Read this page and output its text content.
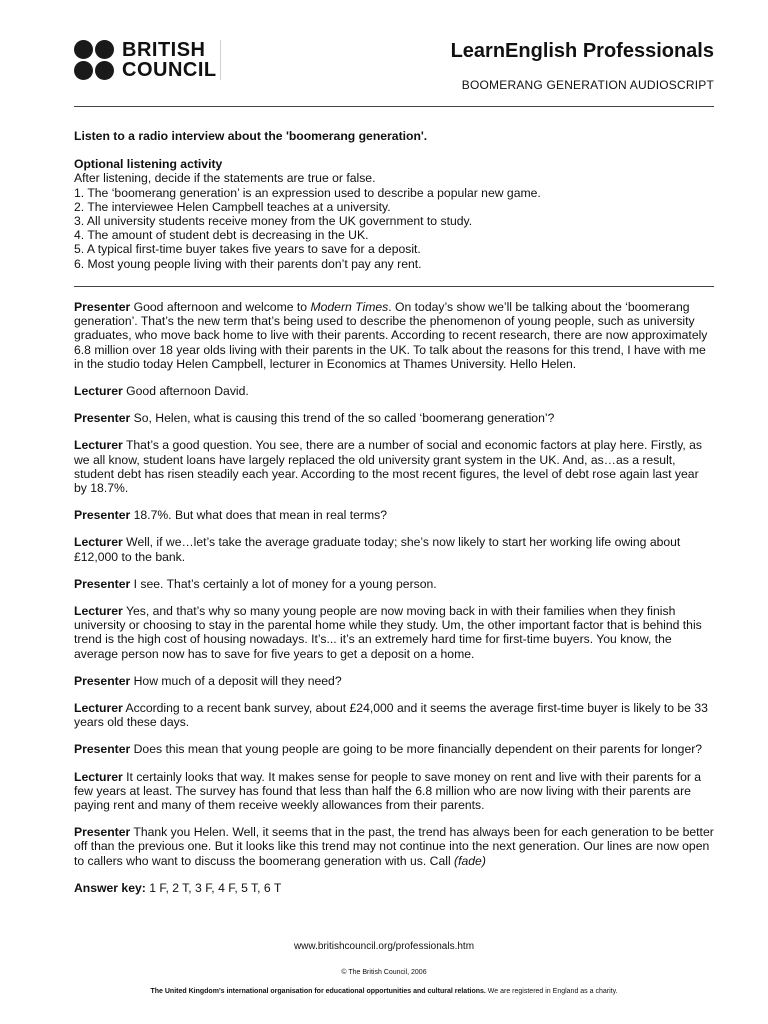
BRITISH
COUNCIL
LearnEnglish Professionals
BOOMERANG GENERATION AUDIOSCRIPT

Listen to a radio interview about the 'boomerang generation'.

Optional listening activity

After listening, decide if the statements are true or false.

1. The ‘boomerang generation’ is an expression used to describe a popular new game.

2. The interviewee Helen Campbell teaches at a university.

3. All university students receive money from the UK government to study.

4. The amount of student debt is decreasing in the UK.

5. A typical first-time buyer takes five years to save for a deposit.

6. Most young people living with their parents don’t pay any rent.

Presenter Good afternoon and welcome to Modern Times. On today’s show we’ll be talking about the ‘boomerang generation’. That’s the new term that’s being used to describe the phenomenon of young people, such as university graduates, who move back home to live with their parents. According to recent research, there are now approximately 6.8 million over 18 year olds living with their parents in the UK. To talk about the reasons for this trend, I have with me in the studio today Helen Campbell, lecturer in Economics at Thames University. Hello Helen.

Lecturer Good afternoon David.

Presenter So, Helen, what is causing this trend of the so called ‘boomerang generation’?

Lecturer That’s a good question. You see, there are a number of social and economic factors at play here. Firstly, as we all know, student loans have largely replaced the old university grant system in the UK. And, as…as a result, student debt has risen steadily each year. According to the most recent figures, the level of debt rose again last year by 18.7%.

Presenter 18.7%. But what does that mean in real terms?

Lecturer Well, if we…let’s take the average graduate today; she’s now likely to start her working life owing about £12,000 to the bank.

Presenter I see. That’s certainly a lot of money for a young person.

Lecturer Yes, and that’s why so many young people are now moving back in with their families when they finish university or choosing to stay in the parental home while they study. Um, the other important factor that is behind this trend is the high cost of housing nowadays. It’s... it’s an extremely hard time for first-time buyers. You know, the average person now has to save for five years to get a deposit on a home.

Presenter How much of a deposit will they need?

Lecturer According to a recent bank survey, about £24,000 and it seems the average first-time buyer is likely to be 33 years old these days.

Presenter Does this mean that young people are going to be more financially dependent on their parents for longer?

Lecturer It certainly looks that way. It makes sense for people to save money on rent and live with their parents for a few years at least. The survey has found that less than half the 6.8 million who are now living with their parents are paying rent and many of them receive weekly allowances from their parents.

Presenter Thank you Helen. Well, it seems that in the past, the trend has always been for each generation to be better off than the previous one. But it looks like this trend may not continue into the next generation. Our lines are now open to callers who want to discuss the boomerang generation with us. Call (fade)

Answer key: 1 F, 2 T, 3 F, 4 F, 5 T, 6 T

www.britishcouncil.org/professionals.htm
© The British Council, 2006
The United Kingdom’s international organisation for educational opportunities and cultural relations. We are registered in England as a charity.
